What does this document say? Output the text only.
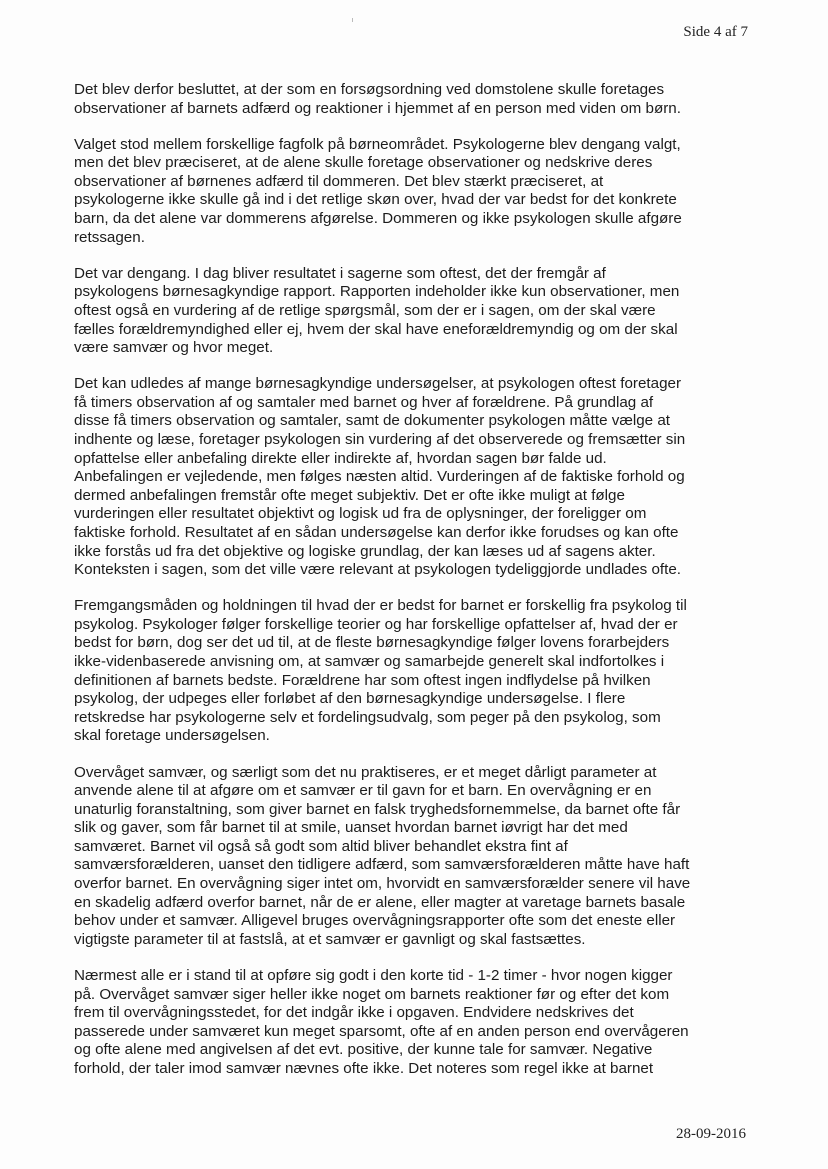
Side 4 af 7

Det blev derfor besluttet, at der som en forsøgsordning ved domstolene skulle foretages
observationer af barnets adfærd og reaktioner i hjemmet af en person med viden om børn.

Valget stod mellem forskellige fagfolk på børneområdet. Psykologerne blev dengang valgt,
men det blev præciseret, at de alene skulle foretage observationer og nedskrive deres
observationer af børnenes adfærd til dommeren. Det blev stærkt præciseret, at
psykologerne ikke skulle gå ind i det retlige skøn over, hvad der var bedst for det konkrete
barn, da det alene var dommerens afgørelse. Dommeren og ikke psykologen skulle afgøre
retssagen.

Det var dengang. I dag bliver resultatet i sagerne som oftest, det der fremgår af
psykologens børnesagkyndige rapport. Rapporten indeholder ikke kun observationer, men
oftest også en vurdering af de retlige spørgsmål, som der er i sagen, om der skal være
fælles forældremyndighed eller ej, hvem der skal have eneforældremyndig og om der skal
være samvær og hvor meget.

Det kan udledes af mange børnesagkyndige undersøgelser, at psykologen oftest foretager
få timers observation af og samtaler med barnet og hver af forældrene. På grundlag af
disse få timers observation og samtaler, samt de dokumenter psykologen måtte vælge at
indhente og læse, foretager psykologen sin vurdering af det observerede og fremsætter sin
opfattelse eller anbefaling direkte eller indirekte af, hvordan sagen bør falde ud.
Anbefalingen er vejledende, men følges næsten altid. Vurderingen af de faktiske forhold og
dermed anbefalingen fremstår ofte meget subjektiv. Det er ofte ikke muligt at følge
vurderingen eller resultatet objektivt og logisk ud fra de oplysninger, der foreligger om
faktiske forhold. Resultatet af en sådan undersøgelse kan derfor ikke forudses og kan ofte
ikke forstås ud fra det objektive og logiske grundlag, der kan læses ud af sagens akter.
Konteksten i sagen, som det ville være relevant at psykologen tydeliggjorde undlades ofte.

Fremgangsmåden og holdningen til hvad der er bedst for barnet er forskellig fra psykolog til
psykolog. Psykologer følger forskellige teorier og har forskellige opfattelser af, hvad der er
bedst for børn, dog ser det ud til, at de fleste børnesagkyndige følger lovens forarbejders
ikke-videnbaserede anvisning om, at samvær og samarbejde generelt skal indfortolkes i
definitionen af barnets bedste. Forældrene har som oftest ingen indflydelse på hvilken
psykolog, der udpeges eller forløbet af den børnesagkyndige undersøgelse. I flere
retskredse har psykologerne selv et fordelingsudvalg, som peger på den psykolog, som
skal foretage undersøgelsen.

Overvåget samvær, og særligt som det nu praktiseres, er et meget dårligt parameter at
anvende alene til at afgøre om et samvær er til gavn for et barn. En overvågning er en
unaturlig foranstaltning, som giver barnet en falsk tryghedsfornemmelse, da barnet ofte får
slik og gaver, som får barnet til at smile, uanset hvordan barnet iøvrigt har det med
samværet. Barnet vil også så godt som altid bliver behandlet ekstra fint af
samværsforælderen, uanset den tidligere adfærd, som samværsforælderen måtte have haft
overfor barnet. En overvågning siger intet om, hvorvidt en samværsforælder senere vil have
en skadelig adfærd overfor barnet, når de er alene, eller magter at varetage barnets basale
behov under et samvær. Alligevel bruges overvågningsrapporter ofte som det eneste eller
vigtigste parameter til at fastslå, at et samvær er gavnligt og skal fastsættes.

Nærmest alle er i stand til at opføre sig godt i den korte tid - 1-2 timer - hvor nogen kigger
på. Overvåget samvær siger heller ikke noget om barnets reaktioner før og efter det kom
frem til overvågningsstedet, for det indgår ikke i opgaven. Endvidere nedskrives det
passerede under samværet kun meget sparsomt, ofte af en anden person end overvågeren
og ofte alene med angivelsen af det evt. positive, der kunne tale for samvær. Negative
forhold, der taler imod samvær nævnes ofte ikke. Det noteres som regel ikke at barnet

28-09-2016
